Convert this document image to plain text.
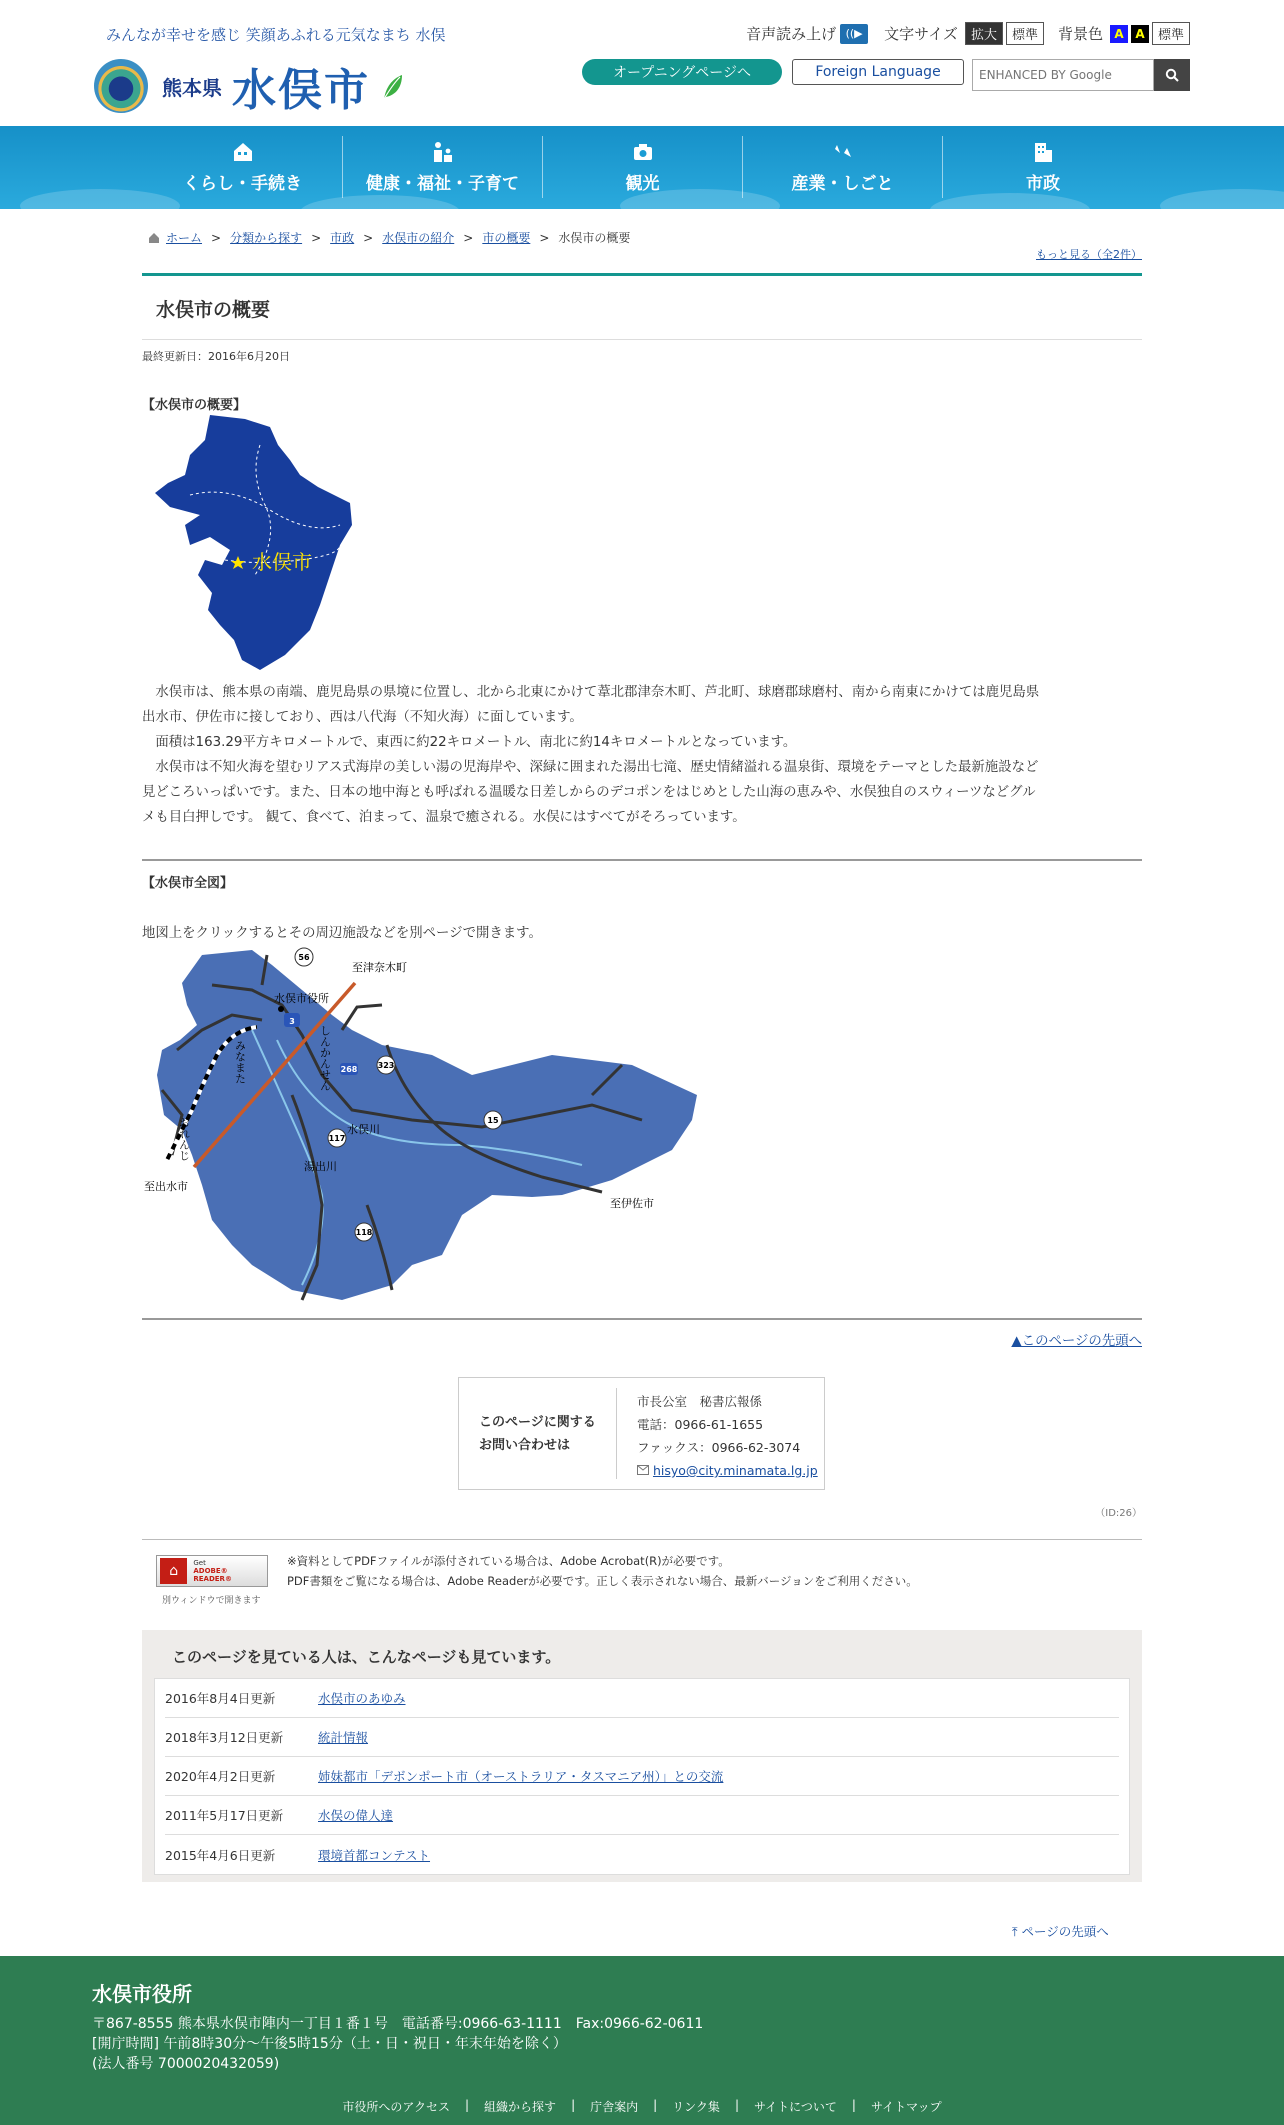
みんなが幸せを感じ 笑顔あふれる元気なまち 水俣
熊本県 水俣市
音声読み上げ ((▶	文字サイズ	拡大	標準	背景色 A A	標準
オープニングページへ	Foreign Language
ENHANCED BY Google
くらし・手続き	健康・福祉・子育て	観光	産業・しごと	市政
ホーム > 分類から探す > 市政 > 水俣市の紹介 > 市の概要 > 水俣市の概要
もっと見る（全2件）
水俣市の概要
最終更新日：2016年6月20日
【水俣市の概要】
水俣市

水俣市は、熊本県の南端、鹿児島県の県境に位置し、北から北東にかけて葦北郡津奈木町、芦北町、球磨郡球磨村、南から南東にかけては鹿児島県出水市、伊佐市に接しており、西は八代海（不知火海）に面しています。

面積は163.29平方キロメートルで、東西に約22キロメートル、南北に約14キロメートルとなっています。

水俣市は不知火海を望むリアス式海岸の美しい湯の児海岸や、深緑に囲まれた湯出七滝、歴史情緒溢れる温泉街、環境をテーマとした最新施設など見どころいっぱいです。また、日本の地中海とも呼ばれる温暖な日差しからのデコポンをはじめとした山海の恵みや、水俣独自のスウィーツなどグルメも目白押しです。 観て、食べて、泊まって、温泉で癒される。水俣にはすべてがそろっています。

【水俣市全図】
地図上をクリックするとその周辺施設などを別ページで開きます。
至津奈木町
水俣市役所
至出水市
至伊佐市
水俣川
湯出川
しんかんせん
みなまた
おれんじ
56
3
268	323
15
117
118
▲このページの先頭へ
このページに関する
お問い合わせは
市長公室　秘書広報係
電話：0966-61-1655
ファックス：0966-62-3074
hisyo@city.minamata.lg.jp
（ID:26）
⌂	Get
ADOBE® READER®
別ウィンドウで開きます
※資料としてPDFファイルが添付されている場合は、Adobe Acrobat(R)が必要です。
PDF書類をご覧になる場合は、Adobe Readerが必要です。正しく表示されない場合、最新バージョンをご利用ください。
このページを見ている人は、こんなページも見ています。
2016年8月4日更新	水俣市のあゆみ
2018年3月12日更新	統計情報
2020年4月2日更新	姉妹都市「デボンポート市（オーストラリア・タスマニア州）」との交流
2011年5月17日更新	水俣の偉人達
2015年4月6日更新	環境首都コンテスト
⤒ ページの先頭へ
水俣市役所
〒867-8555 熊本県水俣市陣内一丁目１番１号　電話番号:0966-63-1111　Fax:0966-62-0611
[開庁時間] 午前8時30分～午後5時15分（土・日・祝日・年末年始を除く）
(法人番号 7000020432059)
市役所へのアクセス | 組織から探す | 庁舎案内 | リンク集 | サイトについて | サイトマップ
